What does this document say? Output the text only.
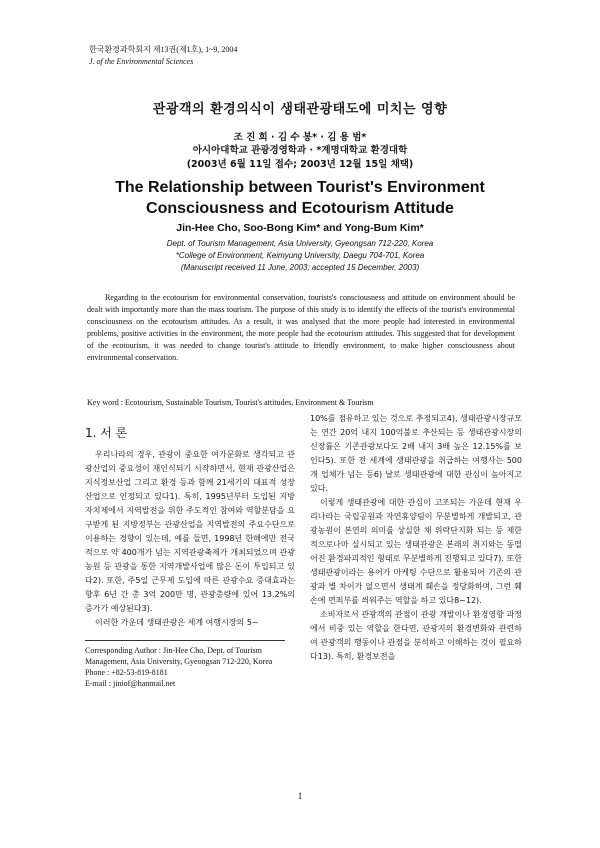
한국환경과학회지 제13권(제1호), 1~9, 2004
J. of the Environmental Sciences
관광객의 환경의식이 생태관광태도에 미치는 영향
조 진 희 · 김 수 봉* · 김 용 범*
아시아대학교 관광경영학과 · *계명대학교 환경대학
(2003년 6월 11일 접수; 2003년 12월 15일 채택)
The Relationship between Tourist's Environment
Consciousness and Ecotourism Attitude
Jin-Hee Cho, Soo-Bong Kim* and Yong-Bum Kim*
Dept. of Tourism Management, Asia University, Gyeongsan 712-220, Korea
*College of Environment, Keimyung University, Daegu 704-701, Korea
(Manuscript received 11 June, 2003; accepted 15 December, 2003)
Regarding to the ecotourism for environmental conservation, tourists's consciousness and attitude on environment should be dealt with importantly more than the mass tourism. The purpose of this study is to identify the effects of the tourist's environmental consciousness on the ecotourism attitudes. As a result, it was analysed that the more people had interested in environmental problems, positive activities in the environment, the more people had the ecotourism attitudes. This suggested that for development of the ecotourism, it was needed to change tourist's attitude to friendly environment, to make higher consciousness about environmental conservation.
Key word : Ecotourism, Sustainable Tourism, Tourist's attitudes, Environment & Tourism
1. 서 론

우리나라의 경우, 관광이 중요한 여가문화로 생각되고 관광산업의 중요성이 재인식되기 시작하면서, 현재 관광산업은 지식정보산업 그리고 환경 등과 함께 21세기의 대표적 성장산업으로 인정되고 있다1). 특히, 1995년부터 도입된 지방자치제에서 지역발전을 위한 주도적인 참여와 역할분담을 요구받게 된 지방정부는 관광산업을 지역발전의 주요수단으로 이용하는 경향이 있는데, 예를 들면, 1998년 한해에만 전국적으로 약 400개가 넘는 지역관광축제가 개최되었으며 관광농원 등 관광을 통한 지역개발사업에 많은 돈이 투입되고 있다2). 또한, 주5일 근무제 도입에 따른 관광수요 증대효과는 향후 6년 간 총 3억 200만 명, 관광총량에 있어 13.2%의 증가가 예상된다3).

이러한 가운데 생태관광은 세계 여행시장의 5~

10%를 점유하고 있는 것으로 추정되고4), 생태관광시장규모는 연간 20억 내지 100억불로 추산되는 등 생태관광시장의 신장률은 기존관광보다도 2배 내지 3배 높은 12.15%를 보인다5). 또한 전 세계에 생태관광을 취급하는 여행사는 500개 업체가 넘는 등6) 날로 생태관광에 대한 관심이 높아지고 있다.

이렇게 생태관광에 대한 관심이 고조되는 가운데 현재 우리나라는 국립공원과 자연휴양림이 무분별하게 개발되고, 관광농원이 본연의 의미를 상실한 채 위락단지화 되는 등 제한적으로나마 실시되고 있는 생태관광은 본래의 취지와는 동떨어진 환경파괴적인 형태로 무분별하게 진행되고 있다7). 또한 생태관광이라는 용어가 마케팅 수단으로 활용되어 기존의 관광과 별 차이가 없으면서 생태계 훼손을 정당화하며, 그런 훼손에 면죄부를 씌워주는 역할을 하고 있다8~12).

소비자로서 관광객의 관점이 관광 개발이나 환경영향 과정에서 비중 있는 역할을 한다면, 관광지의 환경변화와 관련하여 관광객의 행동이나 관점을 분석하고 이해하는 것이 필요하다13). 특히, 환경보전을

Corresponding Author : Jin-Hee Cho, Dept. of Tourism Management, Asia University, Gyeongsan 712-220, Korea
Phone : +82-53-819-8181
E-mail : jiniof@hanmail.net
1
